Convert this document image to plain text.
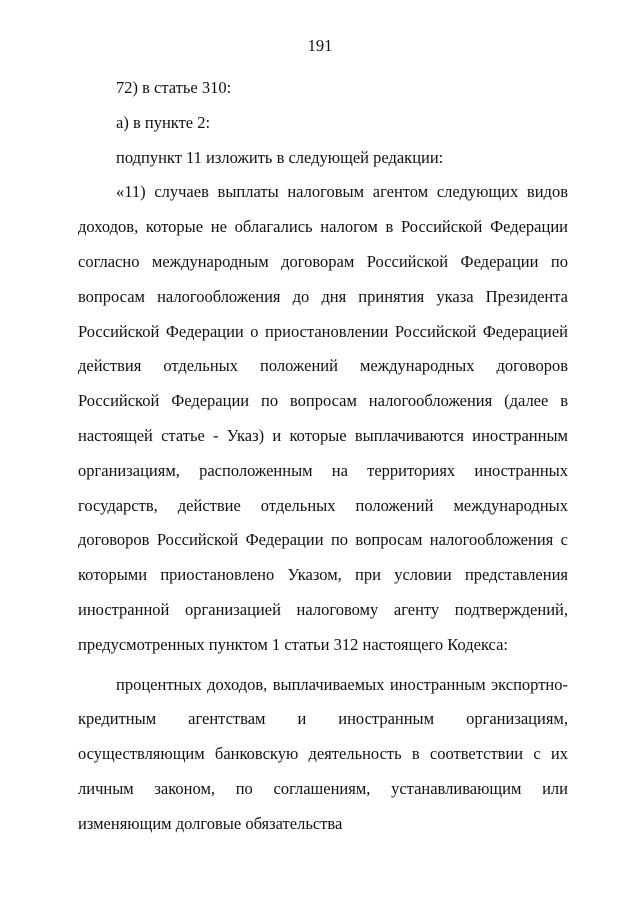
191

72) в статье 310:

а) в пункте 2:

подпункт 11 изложить в следующей редакции:

«11) случаев выплаты налоговым агентом следующих видов доходов, которые не облагались налогом в Российской Федерации согласно международным договорам Российской Федерации по вопросам налогообложения до дня принятия указа Президента Российской Федерации о приостановлении Российской Федерацией действия отдельных положений международных договоров Российской Федерации по вопросам налогообложения (далее в настоящей статье - Указ) и которые выплачиваются иностранным организациям, расположенным на территориях иностранных государств, действие отдельных положений международных договоров Российской Федерации по вопросам налогообложения с которыми приостановлено Указом, при условии представления иностранной организацией налоговому агенту подтверждений, предусмотренных пунктом 1 статьи 312 настоящего Кодекса:

процентных доходов, выплачиваемых иностранным экспортно-кредитным агентствам и иностранным организациям, осуществляющим банковскую деятельность в соответствии с их личным законом, по соглашениям, устанавливающим или изменяющим долговые обязательства
